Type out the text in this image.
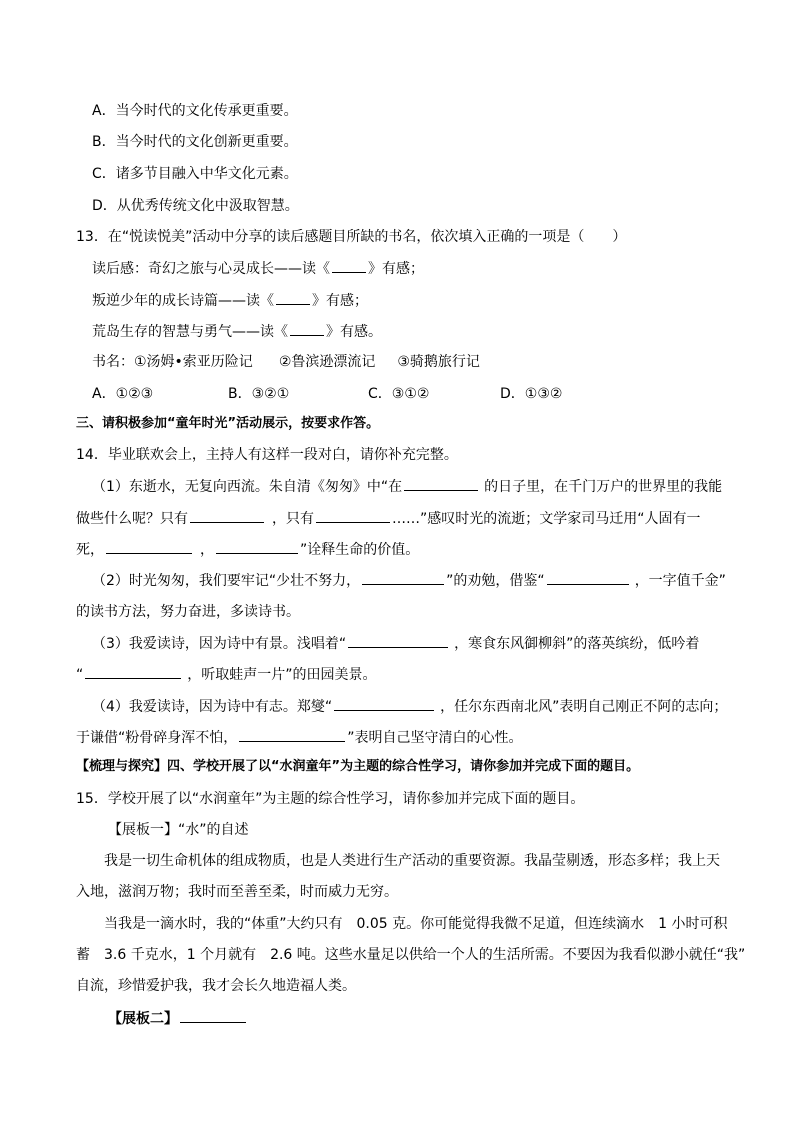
A．当今时代的文化传承更重要。
B．当今时代的文化创新更重要。
C．诸多节目融入中华文化元素。
D．从优秀传统文化中汲取智慧。
13．在“悦读悦美”活动中分享的读后感题目所缺的书名，依次填入正确的一项是（　　）
读后感：奇幻之旅与心灵成长——读《	》有感；
叛逆少年的成长诗篇——读《	》有感；
荒岛生存的智慧与勇气——读《	》有感。
书名：①汤姆•索亚历险记 ②鲁滨逊漂流记 ③骑鹅旅行记
A．①②③	B．③②①	C．③①②	D．①③②
三、请积极参加“童年时光”活动展示，按要求作答。
14．毕业联欢会上，主持人有这样一段对白，请你补充完整。
（1）东逝水，无复向西流。朱自清《匆匆》中“在	的日子里，在千门万户的世界里的我能
做些什么呢？只有	，只有	……”感叹时光的流逝；文学家司马迁用“人固有一
死，	，	”诠释生命的价值。
（2）时光匆匆，我们要牢记“少壮不努力，	”的劝勉，借鉴“	，一字值千金”
的读书方法，努力奋进，多读诗书。
（3）我爱读诗，因为诗中有景。浅唱着“	，寒食东风御柳斜”的落英缤纷，低吟着
“	，听取蛙声一片”的田园美景。
（4）我爱读诗，因为诗中有志。郑燮“	，任尔东西南北风”表明自己刚正不阿的志向；
于谦借“粉骨碎身浑不怕，	”表明自己坚守清白的心性。
【梳理与探究】四、学校开展了以“水润童年”为主题的综合性学习，请你参加并完成下面的题目。
15．学校开展了以“水润童年”为主题的综合性学习，请你参加并完成下面的题目。
【展板一】“水”的自述
我是一切生命机体的组成物质，也是人类进行生产活动的重要资源。我晶莹剔透，形态多样；我上天
入地，滋润万物；我时而至善至柔，时而威力无穷。
当我是一滴水时，我的“体重”大约只有　0.05 克。你可能觉得我微不足道，但连续滴水　1 小时可积
蓄　3.6 千克水，1 个月就有　2.6 吨。这些水量足以供给一个人的生活所需。不要因为我看似渺小就任“我”
自流，珍惜爱护我，我才会长久地造福人类。
【展板二】
